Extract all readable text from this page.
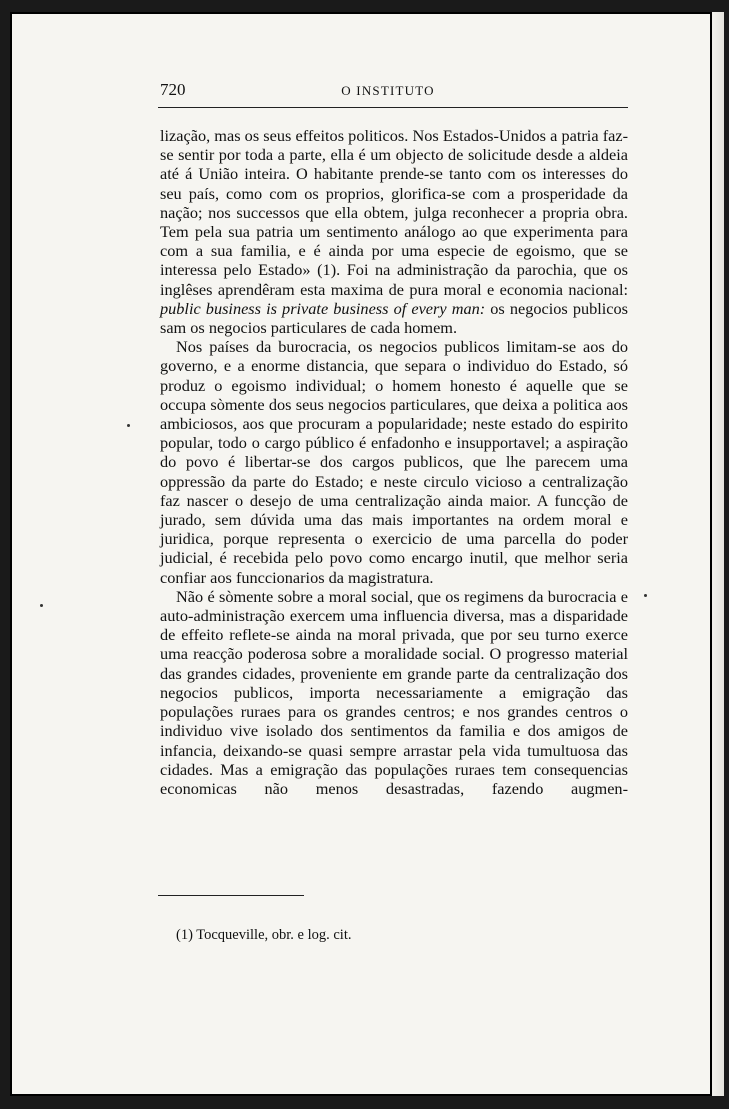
720	O INSTITUTO

lização, mas os seus effeitos politicos. Nos Estados-Unidos a patria faz-se sentir por toda a parte, ella é um objecto de solicitude desde a aldeia até á União inteira. O habitante prende-se tanto com os interesses do seu país, como com os proprios, glorifica-se com a prosperidade da nação; nos successos que ella obtem, julga reconhecer a propria obra. Tem pela sua patria um sentimento análogo ao que experimenta para com a sua familia, e é ainda por uma especie de egoismo, que se interessa pelo Estado» (1). Foi na administração da parochia, que os inglêses aprendêram esta maxima de pura moral e economia nacional: public business is private business of every man: os negocios publicos sam os negocios particulares de cada homem.

Nos países da burocracia, os negocios publicos limitam-se aos do governo, e a enorme distancia, que separa o individuo do Estado, só produz o egoismo individual; o homem honesto é aquelle que se occupa sòmente dos seus negocios particulares, que deixa a politica aos ambiciosos, aos que procuram a popularidade; neste estado do espirito popular, todo o cargo público é enfadonho e insupportavel; a aspiração do povo é libertar-se dos cargos publicos, que lhe parecem uma oppressão da parte do Estado; e neste circulo vicioso a centralização faz nascer o desejo de uma centralização ainda maior. A funcção de jurado, sem dúvida uma das mais importantes na ordem moral e juridica, porque representa o exercicio de uma parcella do poder judicial, é recebida pelo povo como encargo inutil, que melhor seria confiar aos funccionarios da magistratura.

Não é sòmente sobre a moral social, que os regimens da burocracia e auto-administração exercem uma influencia diversa, mas a disparidade de effeito reflete-se ainda na moral privada, que por seu turno exerce uma reacção poderosa sobre a moralidade social. O progresso material das grandes cidades, proveniente em grande parte da centralização dos negocios publicos, importa necessariamente a emigração das populações ruraes para os grandes centros; e nos grandes centros o individuo vive isolado dos sentimentos da familia e dos amigos de infancia, deixando-se quasi sempre arrastar pela vida tumultuosa das cidades. Mas a emigração das populações ruraes tem consequencias economicas não menos desastradas, fazendo augmen-

(1) Tocqueville, obr. e log. cit.
